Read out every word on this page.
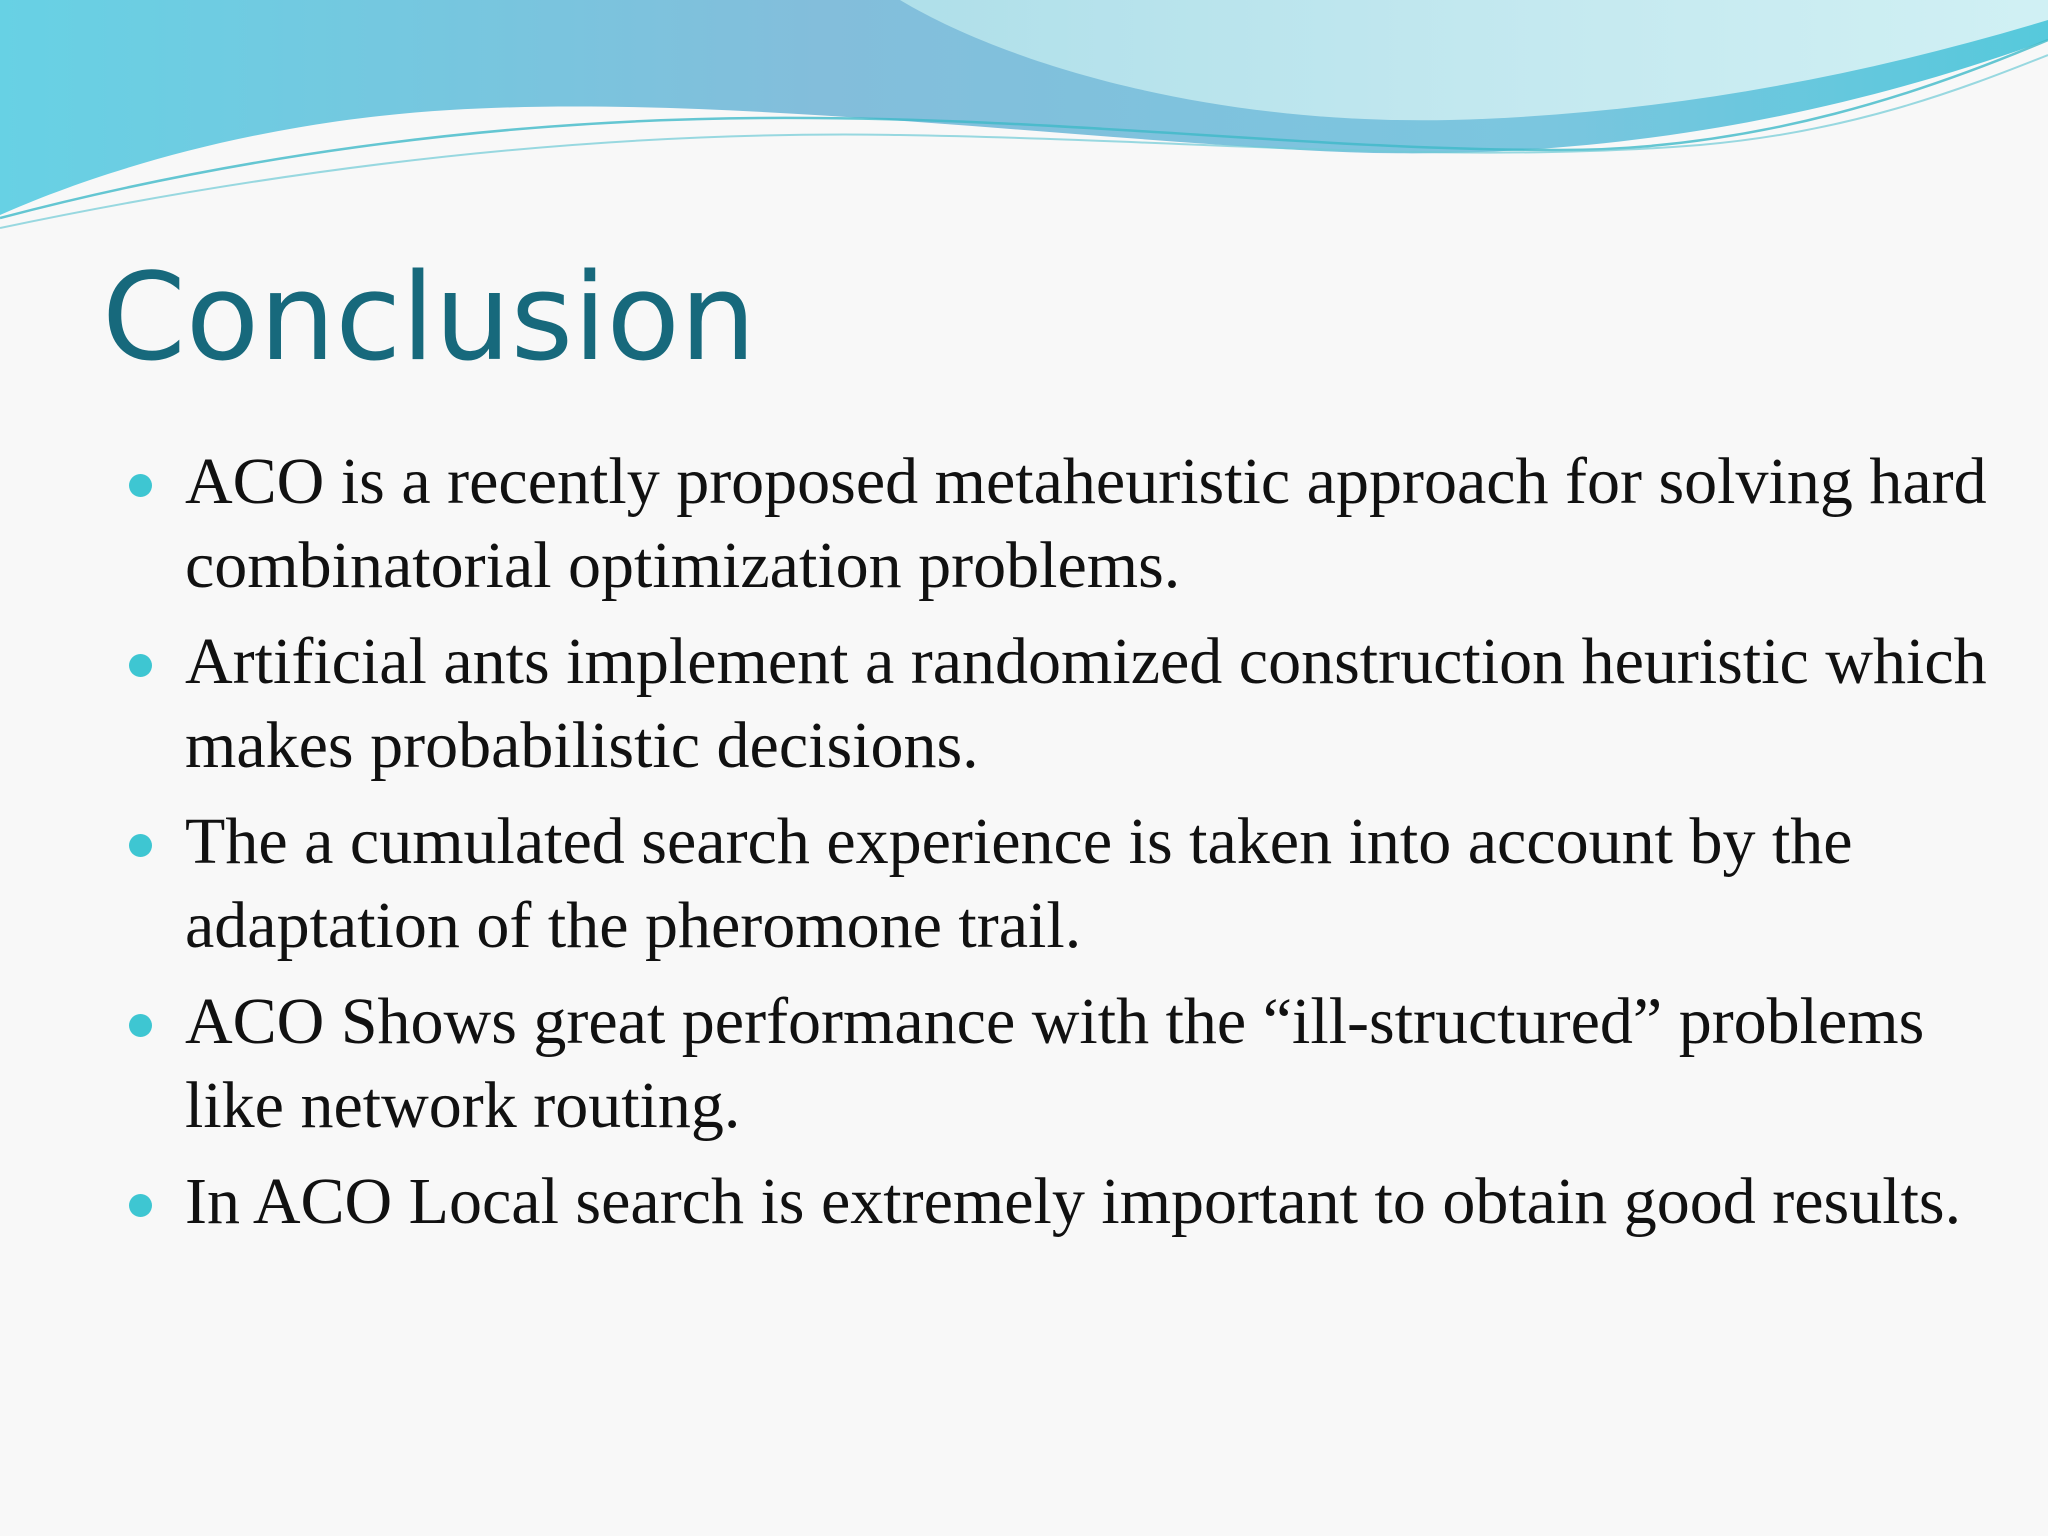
Conclusion
ACO is a recently proposed metaheuristic approach for solving hard combinatorial optimization problems.
Artificial ants implement a randomized construction heuristic which makes probabilistic decisions.
The a cumulated search experience is taken into account by the adaptation of the pheromone trail.
ACO Shows great performance with the “ill-structured” problems like network routing.
In ACO Local search is extremely important to obtain good results.
